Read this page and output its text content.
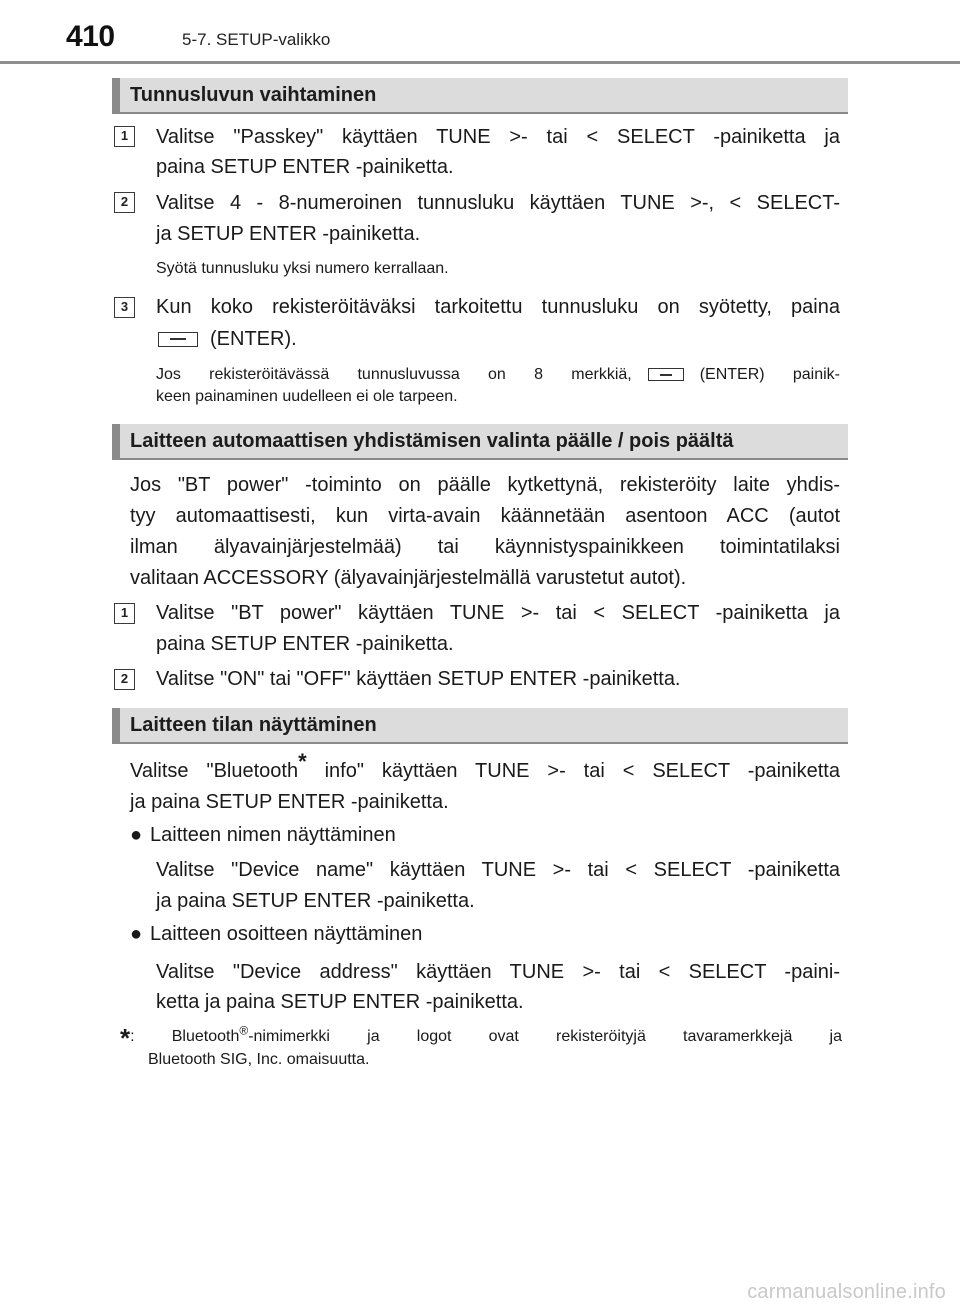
410	5-7. SETUP-valikko
Tunnusluvun vaihtaminen
1	Valitse "Passkey" käyttäen TUNE >- tai < SELECT -painiketta ja
paina SETUP ENTER -painiketta.
2	Valitse 4 - 8-numeroinen tunnusluku käyttäen TUNE >-, < SELECT-
ja SETUP ENTER -painiketta.
Syötä tunnusluku yksi numero kerrallaan.
3	Kun koko rekisteröitäväksi tarkoitettu tunnusluku on syötetty, paina
(ENTER).
Jos rekisteröitävässä tunnusluvussa on 8 merkkiä,	(ENTER) painik-
keen painaminen uudelleen ei ole tarpeen.
Laitteen automaattisen yhdistämisen valinta päälle / pois päältä
Jos "BT power" -toiminto on päälle kytkettynä, rekisteröity laite yhdis-
tyy automaattisesti, kun virta-avain käännetään asentoon ACC (autot
ilman älyavainjärjestelmää) tai käynnistyspainikkeen toimintatilaksi
valitaan ACCESSORY (älyavainjärjestelmällä varustetut autot).
1	Valitse "BT power" käyttäen TUNE >- tai < SELECT -painiketta ja
paina SETUP ENTER -painiketta.
2	Valitse "ON" tai "OFF" käyttäen SETUP ENTER -painiketta.
Laitteen tilan näyttäminen
Valitse "Bluetooth* info" käyttäen TUNE >- tai < SELECT -painiketta
ja paina SETUP ENTER -painiketta.
● Laitteen nimen näyttäminen
Valitse "Device name" käyttäen TUNE >- tai < SELECT -painiketta
ja paina SETUP ENTER -painiketta.
● Laitteen osoitteen näyttäminen
Valitse "Device address" käyttäen TUNE >- tai < SELECT -paini-
ketta ja paina SETUP ENTER -painiketta.
*: Bluetooth®-nimimerkki ja logot ovat rekisteröityjä tavaramerkkejä ja
Bluetooth SIG, Inc. omaisuutta.
carmanualsonline.info
